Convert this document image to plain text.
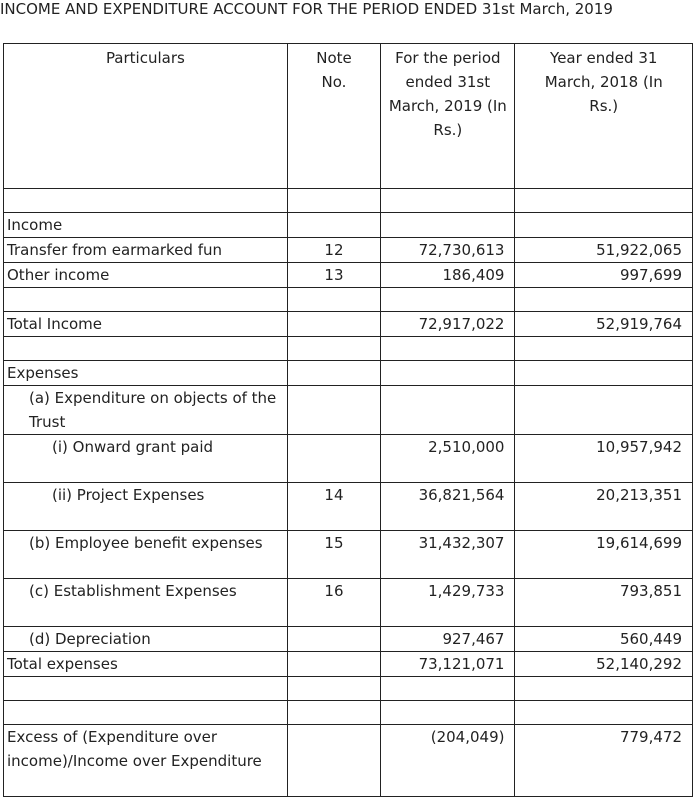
INCOME AND EXPENDITURE ACCOUNT FOR THE PERIOD ENDED 31st March, 2019
Particulars	Note No.	For the period ended 31st March, 2019 (In Rs.)	Year ended 31 March, 2018 (In Rs.)

Income			
Transfer from earmarked fun	12	72,730,613	51,922,065
Other income	13	186,409	997,699

Total Income		72,917,022	52,919,764

Expenses			
(a) Expenditure on objects of the Trust			
(i) Onward grant paid		2,510,000	10,957,942
(ii) Project Expenses	14	36,821,564	20,213,351
(b) Employee benefit expenses	15	31,432,307	19,614,699
(c) Establishment Expenses	16	1,429,733	793,851
(d) Depreciation		927,467	560,449
Total expenses		73,121,071	52,140,292

Excess of (Expenditure over income)/Income over Expenditure		(204,049)	779,472
